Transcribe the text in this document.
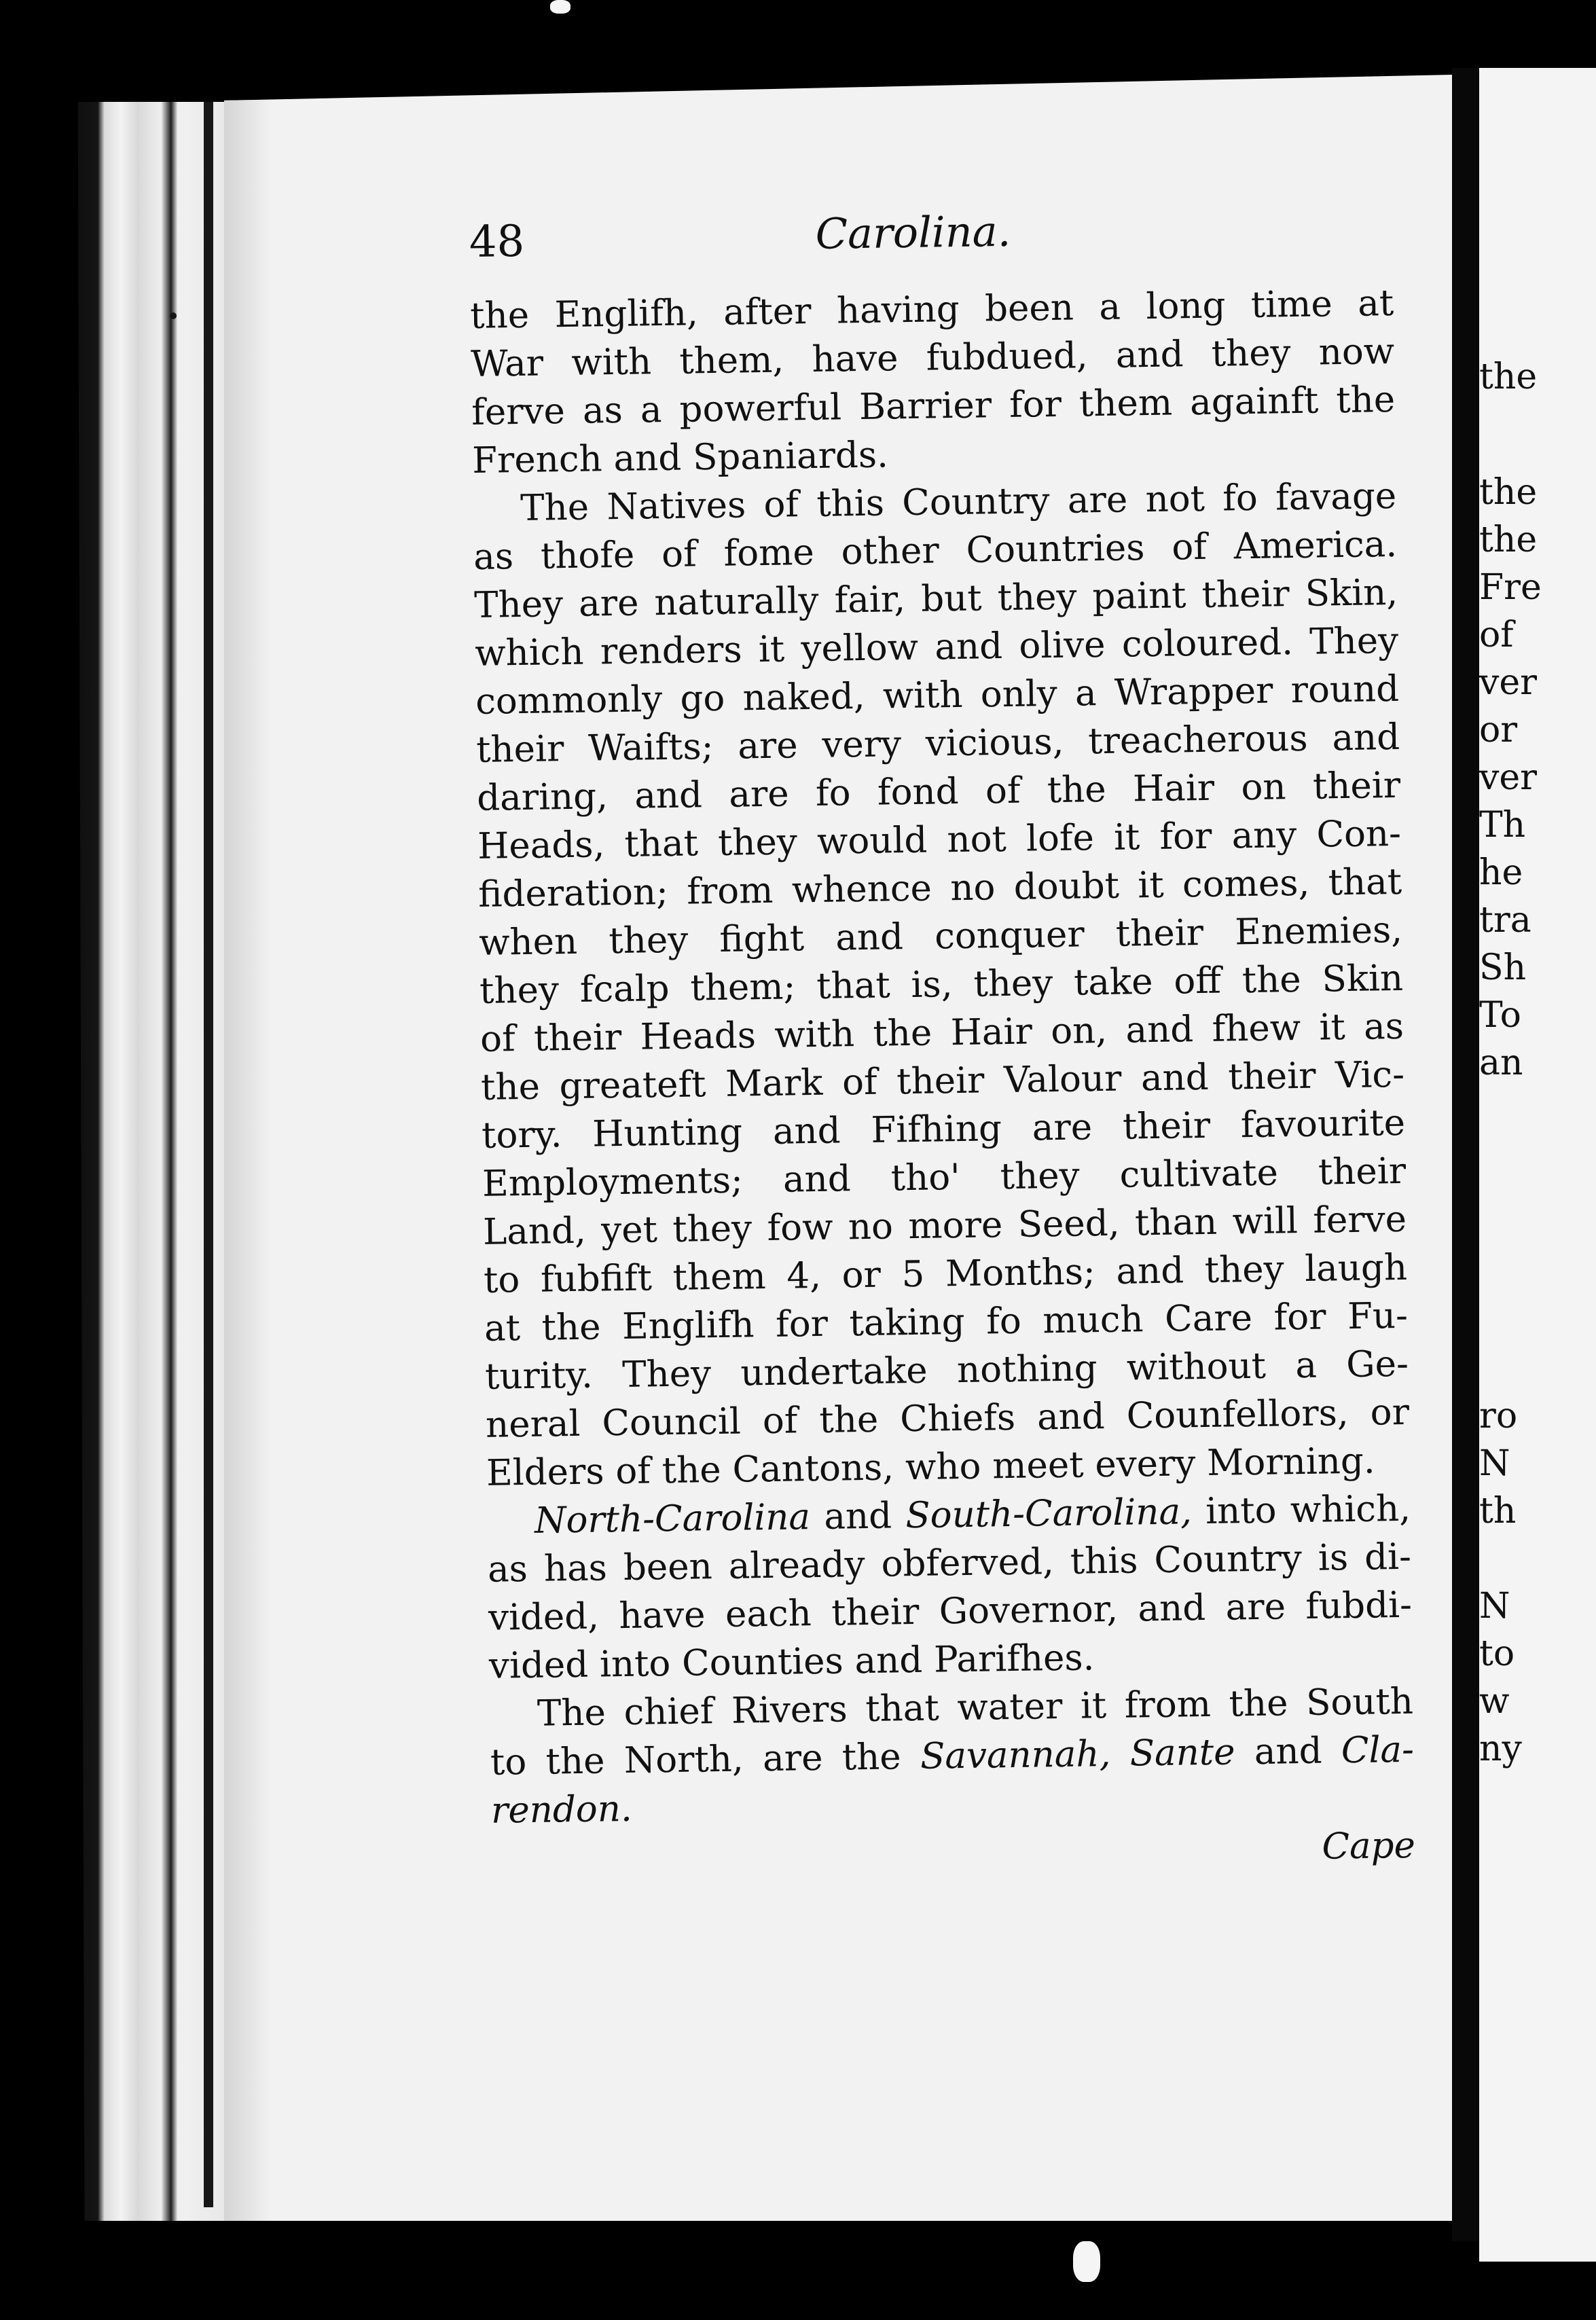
the
the
the
Fre
of
ver
or
ver
Th
he
tra
Sh
To
an
ro
N
th
N
to
w
ny
48	Carolina.
the Englifh, after having been a long time at
War with them, have fubdued, and they now
ferve as a powerful Barrier for them againft the
French and Spaniards.
The Natives of this Country are not fo favage
as thofe of fome other Countries of America.
They are naturally fair, but they paint their Skin,
which renders it yellow and olive coloured. They
commonly go naked, with only a Wrapper round
their Waifts; are very vicious, treacherous and
daring, and are fo fond of the Hair on their
Heads, that they would not lofe it for any Con-
fideration; from whence no doubt it comes, that
when they fight and conquer their Enemies,
they fcalp them; that is, they take off the Skin
of their Heads with the Hair on, and fhew it as
the greateft Mark of their Valour and their Vic-
tory. Hunting and Fifhing are their favourite
Employments; and tho' they cultivate their
Land, yet they fow no more Seed, than will ferve
to fubfift them 4, or 5 Months; and they laugh
at the Englifh for taking fo much Care for Fu-
turity. They undertake nothing without a Ge-
neral Council of the Chiefs and Counfellors, or
Elders of the Cantons, who meet every Morning.
North-Carolina and South-Carolina, into which,
as has been already obferved, this Country is di-
vided, have each their Governor, and are fubdi-
vided into Counties and Parifhes.
The chief Rivers that water it from the South
to the North, are the Savannah, Sante and Cla-
rendon.
Cape
